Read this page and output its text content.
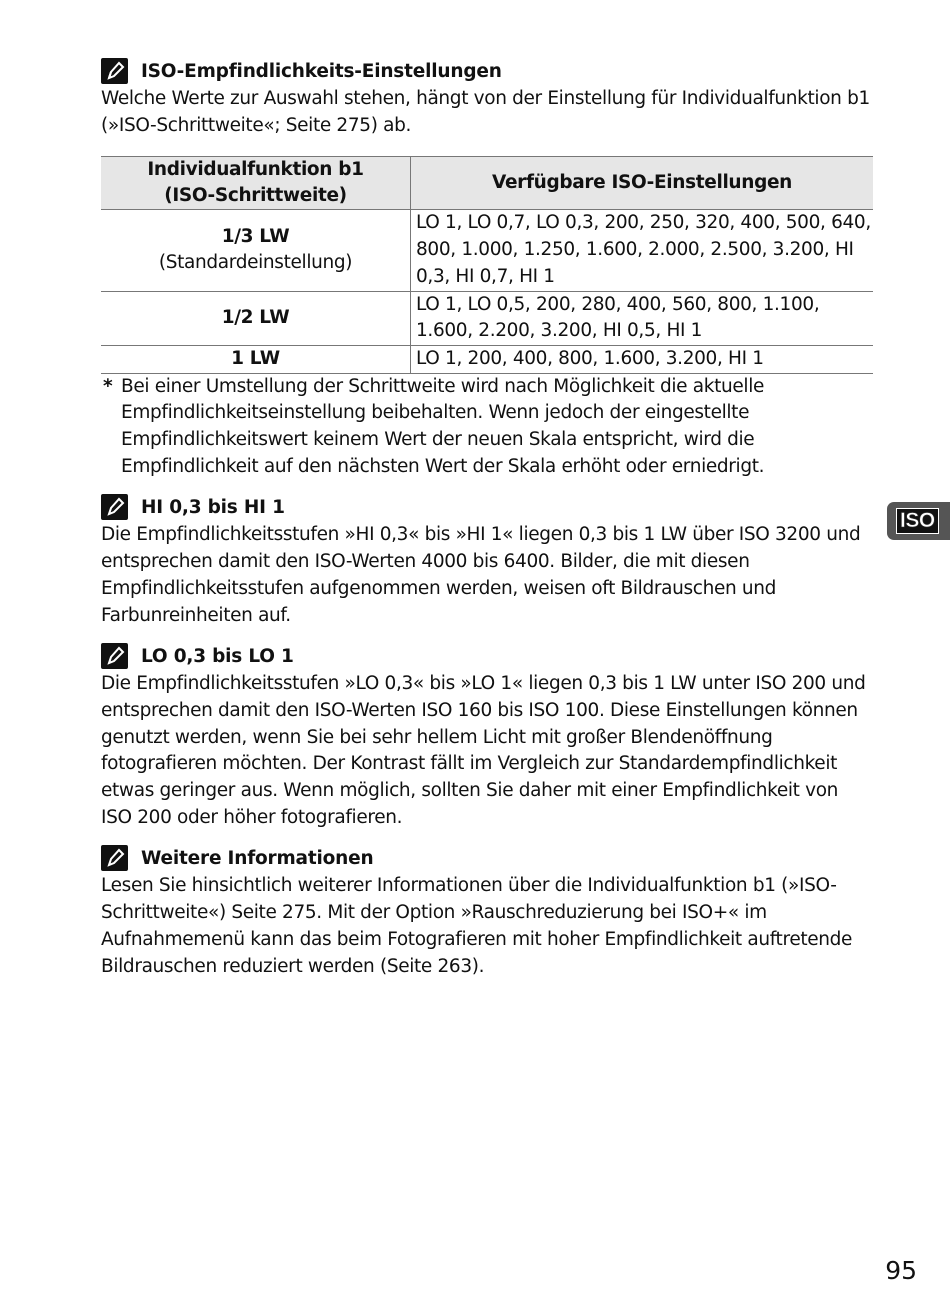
ISO-Empfindlichkeits-Einstellungen
Welche Werte zur Auswahl stehen, hängt von der Einstellung für Individualfunktion b1 (»ISO-Schrittweite«; Seite 275) ab.
Individualfunktion b1
(ISO-Schrittweite)	Verfügbare ISO-Einstellungen

1/3 LW
(Standardeinstellung)	LO 1, LO 0,7, LO 0,3, 200, 250, 320, 400, 500, 640, 800, 1.000, 1.250, 1.600, 2.000, 2.500, 3.200, HI 0,3, HI 0,7, HI 1
1/2 LW	LO 1, LO 0,5, 200, 280, 400, 560, 800, 1.100, 1.600, 2.200, 3.200, HI 0,5, HI 1
1 LW	LO 1, 200, 400, 800, 1.600, 3.200, HI 1
* Bei einer Umstellung der Schrittweite wird nach Möglichkeit die aktuelle Empfindlichkeitseinstellung beibehalten. Wenn jedoch der eingestellte Empfindlichkeitswert keinem Wert der neuen Skala entspricht, wird die Empfindlichkeit auf den nächsten Wert der Skala erhöht oder erniedrigt.
HI 0,3 bis HI 1
Die Empfindlichkeitsstufen »HI 0,3« bis »HI 1« liegen 0,3 bis 1 LW über ISO 3200 und entsprechen damit den ISO-Werten 4000 bis 6400. Bilder, die mit diesen Empfindlichkeitsstufen aufgenommen werden, weisen oft Bildrauschen und Farbunreinheiten auf.
LO 0,3 bis LO 1
Die Empfindlichkeitsstufen »LO 0,3« bis »LO 1« liegen 0,3 bis 1 LW unter ISO 200 und entsprechen damit den ISO-Werten ISO 160 bis ISO 100. Diese Einstellungen können genutzt werden, wenn Sie bei sehr hellem Licht mit großer Blendenöffnung fotografieren möchten. Der Kontrast fällt im Vergleich zur Standardempfindlichkeit etwas geringer aus. Wenn möglich, sollten Sie daher mit einer Empfindlichkeit von ISO 200 oder höher fotografieren.
Weitere Informationen
Lesen Sie hinsichtlich weiterer Informationen über die Individualfunktion b1 (»ISO-Schrittweite«) Seite 275. Mit der Option »Rauschreduzierung bei ISO+« im Aufnahmemenü kann das beim Fotografieren mit hoher Empfindlichkeit auftretende Bildrauschen reduziert werden (Seite 263).
ISO
95
